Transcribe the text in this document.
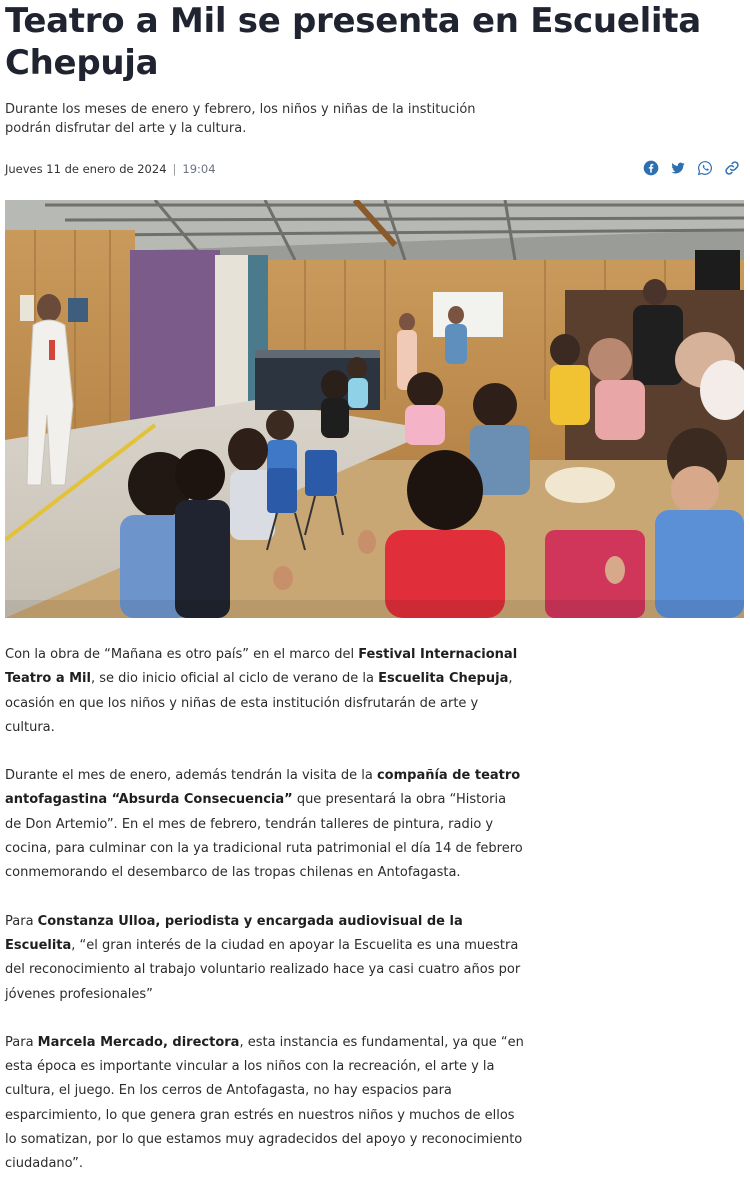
Teatro a Mil se presenta en Escuelita Chepuja

Durante los meses de enero y febrero, los niños y niñas de la institución podrán disfrutar del arte y la cultura.

Jueves 11 de enero de 2024 | 19:04

Con la obra de “Mañana es otro país” en el marco del Festival Internacional Teatro a Mil, se dio inicio oficial al ciclo de verano de la Escuelita Chepuja, ocasión en que los niños y niñas de esta institución disfrutarán de arte y cultura.

Durante el mes de enero, además tendrán la visita de la compañía de teatro antofagastina “Absurda Consecuencia” que presentará la obra “Historia de Don Artemio”. En el mes de febrero, tendrán talleres de pintura, radio y cocina, para culminar con la ya tradicional ruta patrimonial el día 14 de febrero conmemorando el desembarco de las tropas chilenas en Antofagasta.

Para Constanza Ulloa, periodista y encargada audiovisual de la Escuelita, “el gran interés de la ciudad en apoyar la Escuelita es una muestra del reconocimiento al trabajo voluntario realizado hace ya casi cuatro años por jóvenes profesionales”

Para Marcela Mercado, directora, esta instancia es fundamental, ya que “en esta época es importante vincular a los niños con la recreación, el arte y la cultura, el juego. En los cerros de Antofagasta, no hay espacios para esparcimiento, lo que genera gran estrés en nuestros niños y muchos de ellos lo somatizan, por lo que estamos muy agradecidos del apoyo y reconocimiento ciudadano”.
